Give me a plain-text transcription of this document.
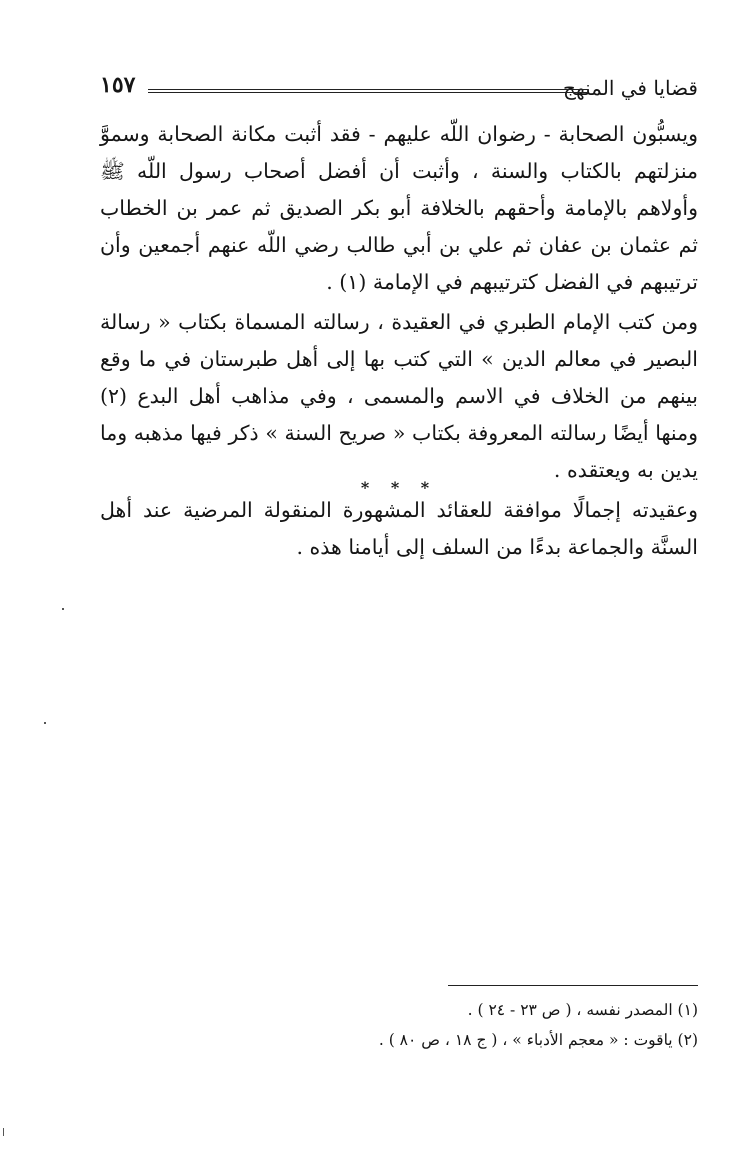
قضايا في المنهج
١٥٧

ويسبُّون الصحابة - رضوان اللّه عليهم - فقد أثبت مكانة الصحابة وسموَّ منزلتهم بالكتاب والسنة ، وأثبت أن أفضل أصحاب رسول اللّه ﷺ وأولاهم بالإمامة وأحقهم بالخلافة أبو بكر الصديق ثم عمر بن الخطاب ثم عثمان بن عفان ثم علي بن أبي طالب رضي اللّه عنهم أجمعين وأن ترتيبهم في الفضل كترتيبهم في الإمامة (١) .

ومن كتب الإمام الطبري في العقيدة ، رسالته المسماة بكتاب « رسالة البصير في معالم الدين » التي كتب بها إلى أهل طبرستان في ما وقع بينهم من الخلاف في الاسم والمسمى ، وفي مذاهب أهل البدع (٢) ومنها أيضًا رسالته المعروفة بكتاب « صريح السنة » ذكر فيها مذهبه وما يدين به ويعتقده .

وعقيدته إجمالًا موافقة للعقائد المشهورة المنقولة المرضية عند أهل السنَّة والجماعة بدءًا من السلف إلى أيامنا هذه .

* * *

(١) المصدر نفسه ، ( ص ٢٣ - ٢٤ ) .

(٢) ياقوت : « معجم الأدباء » ، ( ج ١٨ ، ص ٨٠ ) .
